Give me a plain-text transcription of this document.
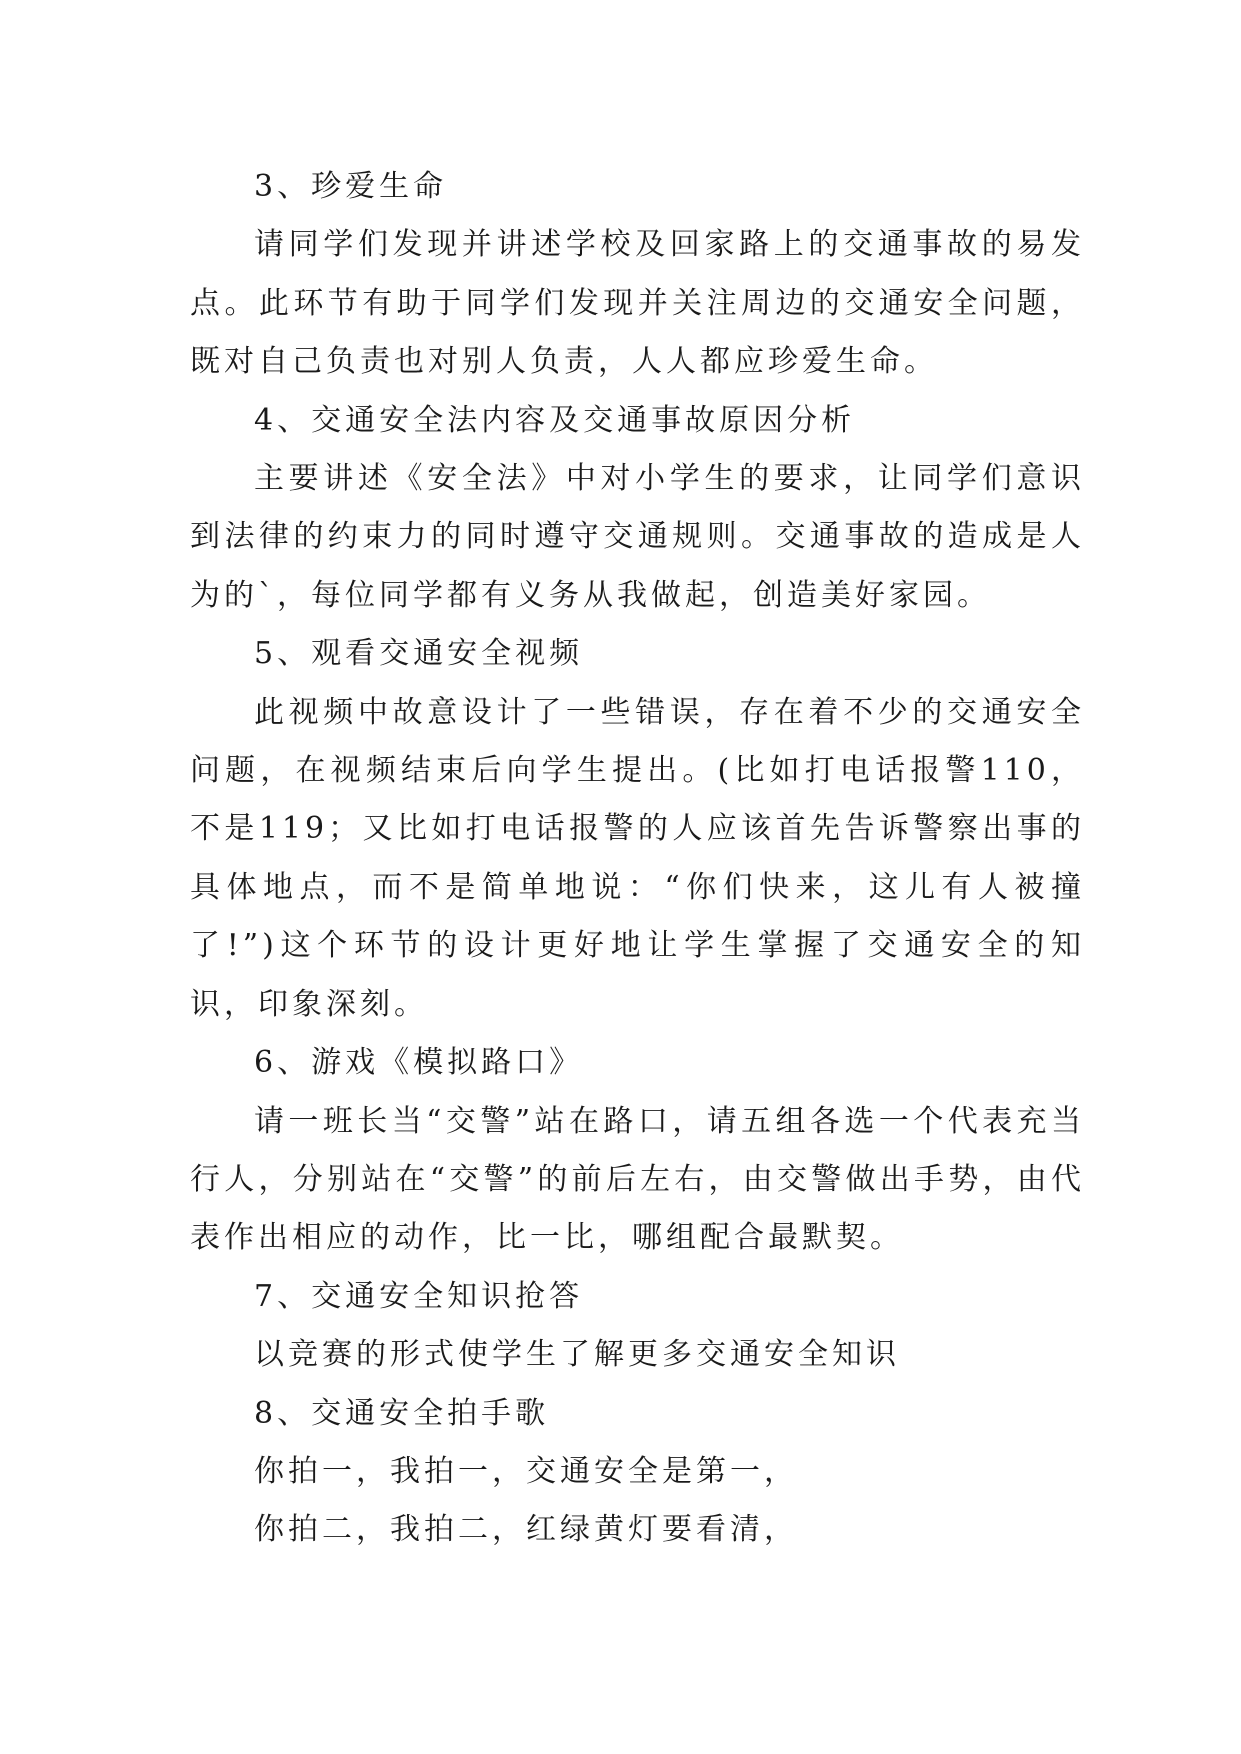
3、珍爱生命

请同学们发现并讲述学校及回家路上的交通事故的易发点。此环节有助于同学们发现并关注周边的交通安全问题，既对自己负责也对别人负责，人人都应珍爱生命。

4、交通安全法内容及交通事故原因分析

主要讲述《安全法》中对小学生的要求，让同学们意识到法律的约束力的同时遵守交通规则。交通事故的造成是人为的`，每位同学都有义务从我做起，创造美好家园。

5、观看交通安全视频

此视频中故意设计了一些错误，存在着不少的交通安全问题，在视频结束后向学生提出。(比如打电话报警110，不是119；又比如打电话报警的人应该首先告诉警察出事的具体地点，而不是简单地说：“你们快来，这儿有人被撞了!”)这个环节的设计更好地让学生掌握了交通安全的知识，印象深刻。

6、游戏《模拟路口》

请一班长当“交警”站在路口，请五组各选一个代表充当行人，分别站在“交警”的前后左右，由交警做出手势，由代表作出相应的动作，比一比，哪组配合最默契。

7、交通安全知识抢答

以竞赛的形式使学生了解更多交通安全知识

8、交通安全拍手歌

你拍一，我拍一，交通安全是第一，

你拍二，我拍二，红绿黄灯要看清，
